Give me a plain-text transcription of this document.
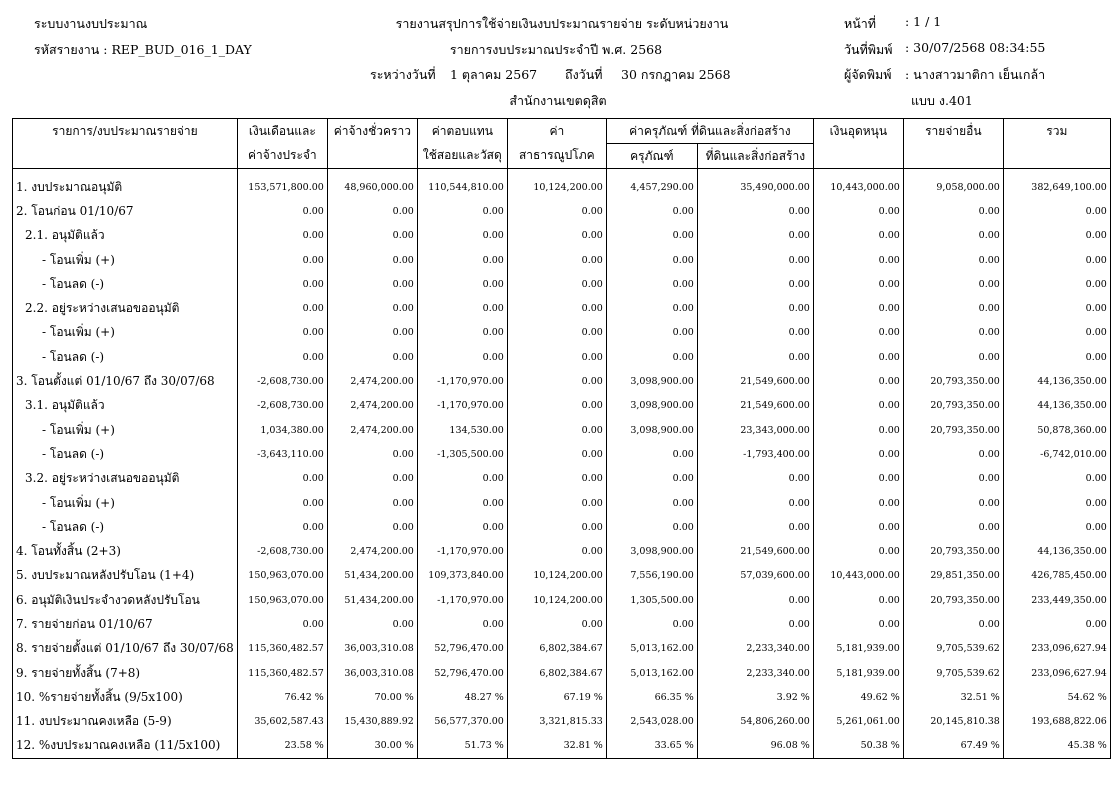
ระบบงานงบประมาณ
รหัสรายงาน : REP_BUD_016_1_DAY
รายงานสรุปการใช้จ่ายเงินงบประมาณรายจ่าย ระดับหน่วยงาน
รายการงบประมาณประจำปี พ.ศ. 2568
ระหว่างวันที่ 1 ตุลาคม 2567 ถึงวันที่ 30 กรกฎาคม 2568
สำนักงานเขตดุสิต
หน้าที่ : 1 / 1
วันที่พิมพ์ : 30/07/2568 08:34:55
ผู้จัดพิมพ์ : นางสาวมาติกา เย็นเกล้า
แบบ ง.401
รายการ/งบประมาณรายจ่าย	เงินเดือนและ	ค่าจ้างชั่วคราว	ค่าตอบแทน	ค่า	ค่าครุภัณฑ์ ที่ดินและสิ่งก่อสร้าง		เงินอุดหนุน	รายจ่ายอื่น	รวม
	ค่าจ้างประจำ		ใช้สอยและวัสดุ	สาธารณูปโภค	ครุภัณฑ์	ที่ดินและสิ่งก่อสร้าง			
1. งบประมาณอนุมัติ	153,571,800.00	48,960,000.00	110,544,810.00	10,124,200.00	4,457,290.00	35,490,000.00	10,443,000.00	9,058,000.00	382,649,100.00
2. โอนก่อน 01/10/67	0.00	0.00	0.00	0.00	0.00	0.00	0.00	0.00	0.00
2.1. อนุมัติแล้ว	0.00	0.00	0.00	0.00	0.00	0.00	0.00	0.00	0.00
- โอนเพิ่ม (+)	0.00	0.00	0.00	0.00	0.00	0.00	0.00	0.00	0.00
- โอนลด (-)	0.00	0.00	0.00	0.00	0.00	0.00	0.00	0.00	0.00
2.2. อยู่ระหว่างเสนอขออนุมัติ	0.00	0.00	0.00	0.00	0.00	0.00	0.00	0.00	0.00
- โอนเพิ่ม (+)	0.00	0.00	0.00	0.00	0.00	0.00	0.00	0.00	0.00
- โอนลด (-)	0.00	0.00	0.00	0.00	0.00	0.00	0.00	0.00	0.00
3. โอนตั้งแต่ 01/10/67 ถึง 30/07/68	-2,608,730.00	2,474,200.00	-1,170,970.00	0.00	3,098,900.00	21,549,600.00	0.00	20,793,350.00	44,136,350.00
3.1. อนุมัติแล้ว	-2,608,730.00	2,474,200.00	-1,170,970.00	0.00	3,098,900.00	21,549,600.00	0.00	20,793,350.00	44,136,350.00
- โอนเพิ่ม (+)	1,034,380.00	2,474,200.00	134,530.00	0.00	3,098,900.00	23,343,000.00	0.00	20,793,350.00	50,878,360.00
- โอนลด (-)	-3,643,110.00	0.00	-1,305,500.00	0.00	0.00	-1,793,400.00	0.00	0.00	-6,742,010.00
3.2. อยู่ระหว่างเสนอขออนุมัติ	0.00	0.00	0.00	0.00	0.00	0.00	0.00	0.00	0.00
- โอนเพิ่ม (+)	0.00	0.00	0.00	0.00	0.00	0.00	0.00	0.00	0.00
- โอนลด (-)	0.00	0.00	0.00	0.00	0.00	0.00	0.00	0.00	0.00
4. โอนทั้งสิ้น (2+3)	-2,608,730.00	2,474,200.00	-1,170,970.00	0.00	3,098,900.00	21,549,600.00	0.00	20,793,350.00	44,136,350.00
5. งบประมาณหลังปรับโอน (1+4)	150,963,070.00	51,434,200.00	109,373,840.00	10,124,200.00	7,556,190.00	57,039,600.00	10,443,000.00	29,851,350.00	426,785,450.00
6. อนุมัติเงินประจำงวดหลังปรับโอน	150,963,070.00	51,434,200.00	-1,170,970.00	10,124,200.00	1,305,500.00	0.00	0.00	20,793,350.00	233,449,350.00
7. รายจ่ายก่อน 01/10/67	0.00	0.00	0.00	0.00	0.00	0.00	0.00	0.00	0.00
8. รายจ่ายตั้งแต่ 01/10/67 ถึง 30/07/68	115,360,482.57	36,003,310.08	52,796,470.00	6,802,384.67	5,013,162.00	2,233,340.00	5,181,939.00	9,705,539.62	233,096,627.94
9. รายจ่ายทั้งสิ้น (7+8)	115,360,482.57	36,003,310.08	52,796,470.00	6,802,384.67	5,013,162.00	2,233,340.00	5,181,939.00	9,705,539.62	233,096,627.94
10. %รายจ่ายทั้งสิ้น (9/5x100)	76.42 %	70.00 %	48.27 %	67.19 %	66.35 %	3.92 %	49.62 %	32.51 %	54.62 %
11. งบประมาณคงเหลือ (5-9)	35,602,587.43	15,430,889.92	56,577,370.00	3,321,815.33	2,543,028.00	54,806,260.00	5,261,061.00	20,145,810.38	193,688,822.06
12. %งบประมาณคงเหลือ (11/5x100)	23.58 %	30.00 %	51.73 %	32.81 %	33.65 %	96.08 %	50.38 %	67.49 %	45.38 %
